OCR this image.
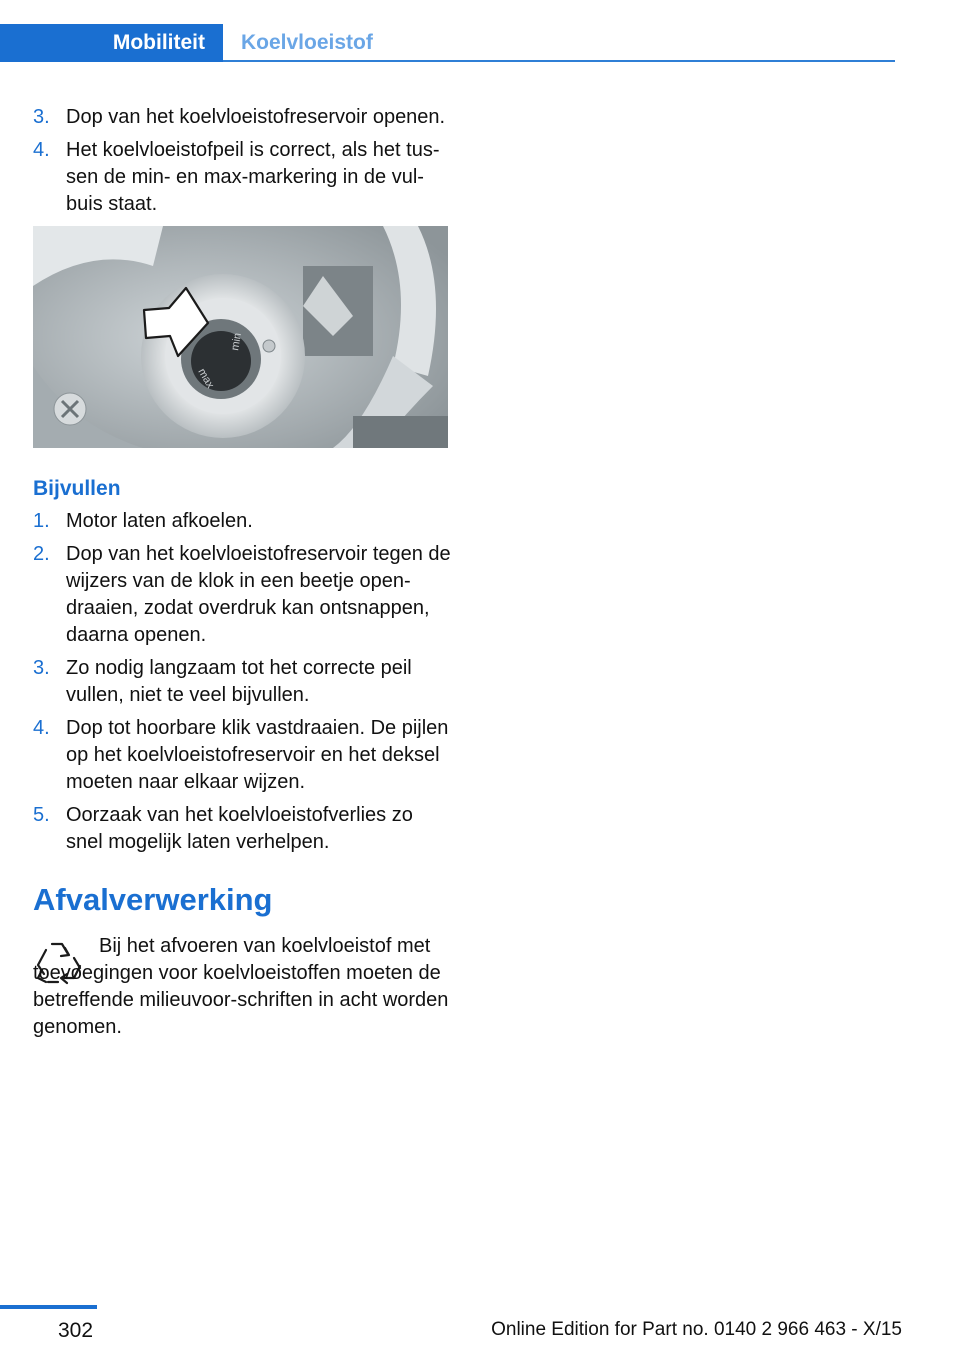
Mobiliteit	Koelvloeistof
3. Dop van het koelvloeistofreservoir openen.
4. Het koelvloeistofpeil is correct, als het tus‐sen de min- en max-markering in de vul‐buis staat.
max
min
Bijvullen
1. Motor laten afkoelen.
2. Dop van het koelvloeistofreservoir tegen de wijzers van de klok in een beetje open‐draaien, zodat overdruk kan ontsnappen, daarna openen.
3. Zo nodig langzaam tot het correcte peil vullen, niet te veel bijvullen.
4. Dop tot hoorbare klik vastdraaien. De pijlen op het koelvloeistofreservoir en het deksel moeten naar elkaar wijzen.
5. Oorzaak van het koelvloeistofverlies zo snel mogelijk laten verhelpen.
Afvalverwerking
Bij het afvoeren van koelvloeistof met toevoegingen voor koelvloeistoffen moeten de betreffende milieuvoor‐schriften in acht worden genomen.
302	Online Edition for Part no. 0140 2 966 463 - X/15
